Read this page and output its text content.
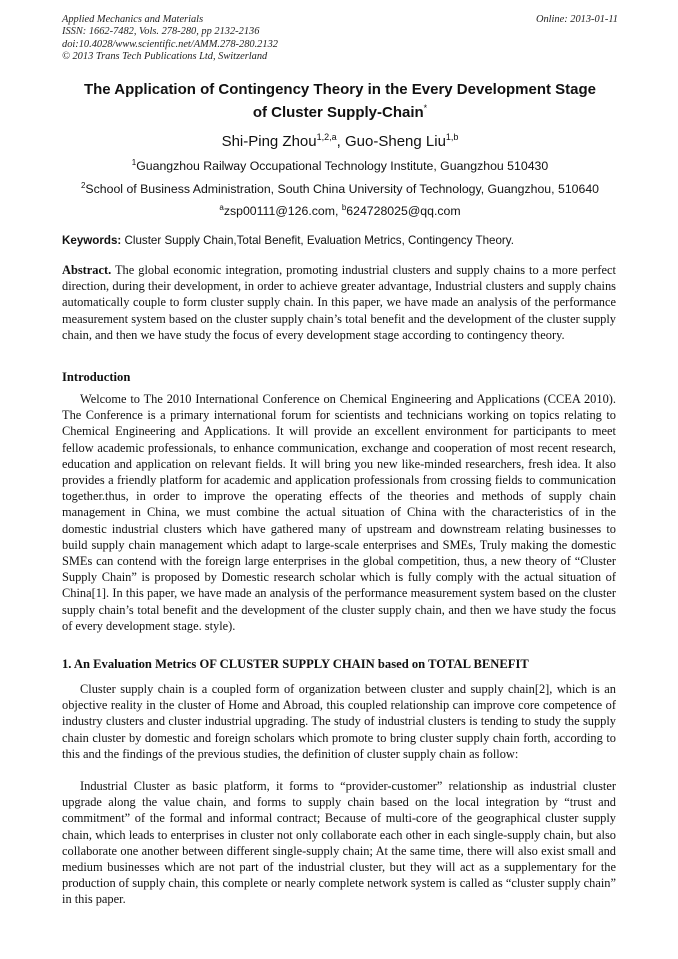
Applied Mechanics and Materials
ISSN: 1662-7482, Vols. 278-280, pp 2132-2136
doi:10.4028/www.scientific.net/AMM.278-280.2132
© 2013 Trans Tech Publications Ltd, Switzerland
Online: 2013-01-11
The Application of Contingency Theory in the Every Development Stage
of Cluster Supply-Chain*
Shi-Ping Zhou$^{1,2,a}$, Guo-Sheng Liu$^{1,b}$
$^1$Guangzhou Railway Occupational Technology Institute, Guangzhou 510430
$^2$School of Business Administration, South China University of Technology, Guangzhou, 510640
$^a$zsp00111@126.com, $^b$624728025@qq.com
Keywords: Cluster Supply Chain,Total Benefit, Evaluation Metrics, Contingency Theory.

Abstract. The global economic integration, promoting industrial clusters and supply chains to a more perfect direction, during their development, in order to achieve greater advantage, Industrial clusters and supply chains automatically couple to form cluster supply chain. In this paper, we have made an analysis of the performance measurement system based on the cluster supply chain’s total benefit and the development of the cluster supply chain, and then we have study the focus of every development stage according to contingency theory.

Introduction

Welcome to The 2010 International Conference on Chemical Engineering and Applications (CCEA 2010). The Conference is a primary international forum for scientists and technicians working on topics relating to Chemical Engineering and Applications. It will provide an excellent environment for participants to meet fellow academic professionals, to enhance communication, exchange and cooperation of most recent research, education and application on relevant fields. It will bring you new like-minded researchers, fresh idea. It also provides a friendly platform for academic and application professionals from crossing fields to communication together.thus, in order to improve the operating effects of the theories and methods of supply chain management in China, we must combine the actual situation of China with the characteristics of in the domestic industrial clusters which have gathered many of upstream and downstream relating businesses to build supply chain management which adapt to large-scale enterprises and SMEs, Truly making the domestic SMEs can contend with the foreign large enterprises in the global competition, thus, a new theory of “Cluster Supply Chain” is proposed by Domestic research scholar which is fully comply with the actual situation of China[1]. In this paper, we have made an analysis of the performance measurement system based on the cluster supply chain’s total benefit and the development of the cluster supply chain, and then we have study the focus of every development stage. style).

1. An Evaluation Metrics OF CLUSTER SUPPLY CHAIN based on TOTAL BENEFIT

Cluster supply chain is a coupled form of organization between cluster and supply chain[2], which is an objective reality in the cluster of Home and Abroad, this coupled relationship can improve core competence of industry clusters and cluster industrial upgrading. The study of industrial clusters is tending to study the supply chain cluster by domestic and foreign scholars which promote to bring cluster supply chain forth, according to this and the findings of the previous studies, the definition of cluster supply chain as follow:

Industrial Cluster as basic platform, it forms to “provider-customer” relationship as industrial cluster upgrade along the value chain, and forms to supply chain based on the local integration by “trust and commitment” of the formal and informal contract; Because of multi-core of the geographical cluster supply chain, which leads to enterprises in cluster not only collaborate each other in each single-supply chain, but also collaborate one another between different single-supply chain; At the same time, there will also exist small and medium businesses which are not part of the industrial cluster, but they will act as a supplementary for the production of supply chain, this complete or nearly complete network system is called as “cluster supply chain” in this paper.
